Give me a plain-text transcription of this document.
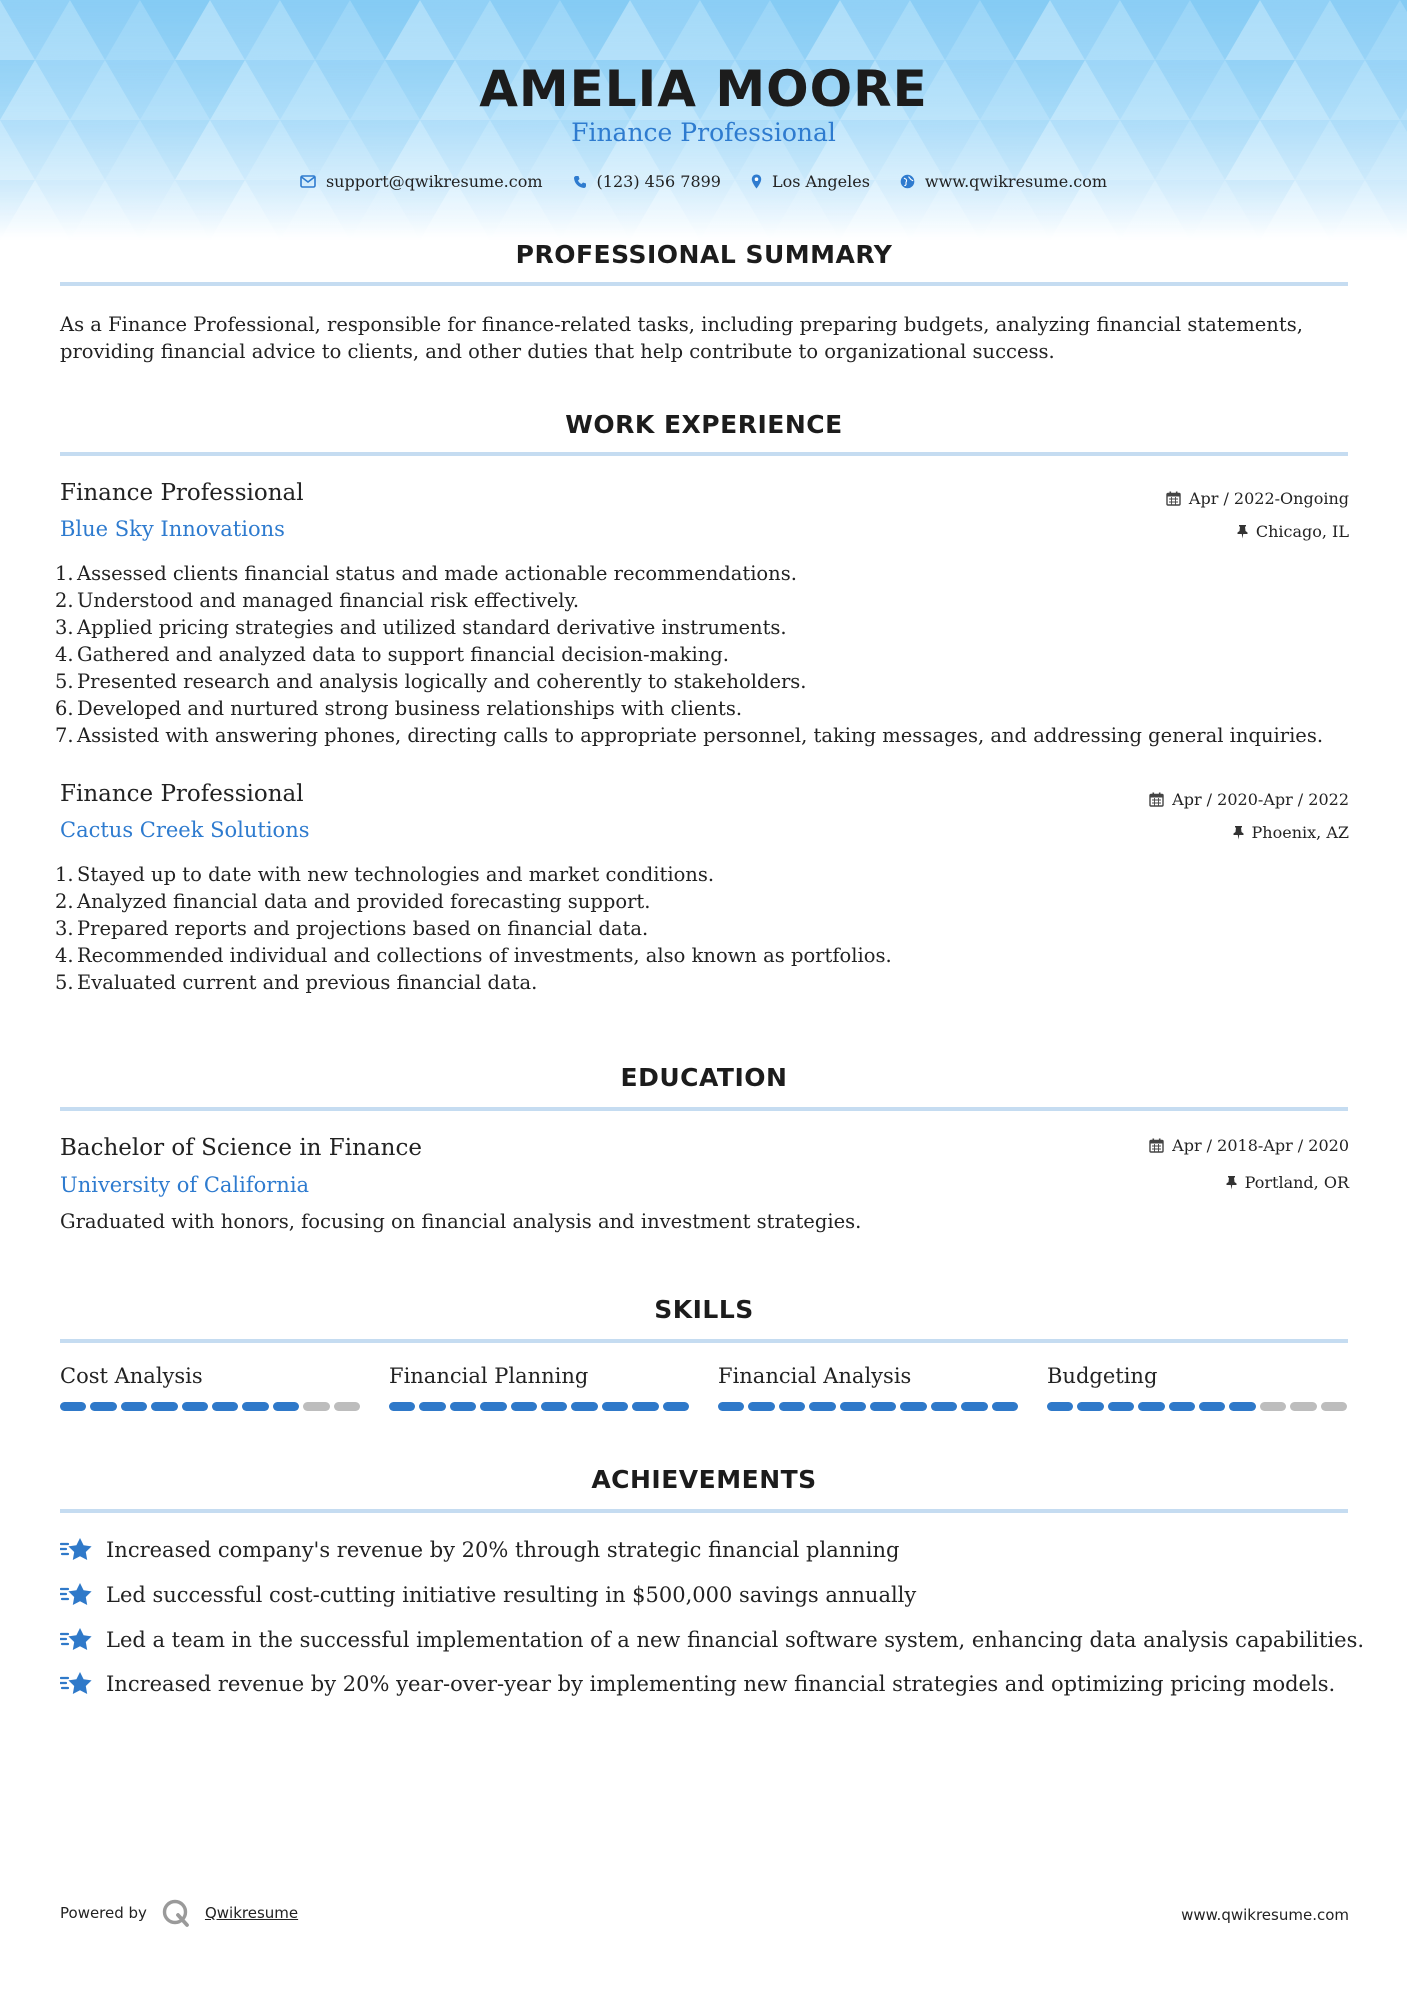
AMELIA MOORE
Finance Professional
support@qwikresume.com	(123) 456 7899	Los Angeles	www.qwikresume.com
PROFESSIONAL SUMMARY
As a Finance Professional, responsible for finance-related tasks, including preparing budgets, analyzing financial statements,
providing financial advice to clients, and other duties that help contribute to organizational success.
WORK EXPERIENCE
Finance Professional	Apr / 2022-Ongoing
Blue Sky Innovations	Chicago, IL
1. Assessed clients financial status and made actionable recommendations.
2. Understood and managed financial risk effectively.
3. Applied pricing strategies and utilized standard derivative instruments.
4. Gathered and analyzed data to support financial decision-making.
5. Presented research and analysis logically and coherently to stakeholders.
6. Developed and nurtured strong business relationships with clients.
7. Assisted with answering phones, directing calls to appropriate personnel, taking messages, and addressing general inquiries.
Finance Professional	Apr / 2020-Apr / 2022
Cactus Creek Solutions	Phoenix, AZ
1. Stayed up to date with new technologies and market conditions.
2. Analyzed financial data and provided forecasting support.
3. Prepared reports and projections based on financial data.
4. Recommended individual and collections of investments, also known as portfolios.
5. Evaluated current and previous financial data.
EDUCATION
Bachelor of Science in Finance	Apr / 2018-Apr / 2020
University of California	Portland, OR
Graduated with honors, focusing on financial analysis and investment strategies.
SKILLS
Cost Analysis	Financial Planning	Financial Analysis	Budgeting
ACHIEVEMENTS
Increased company's revenue by 20% through strategic financial planning
Led successful cost-cutting initiative resulting in $500,000 savings annually
Led a team in the successful implementation of a new financial software system, enhancing data analysis capabilities.
Increased revenue by 20% year-over-year by implementing new financial strategies and optimizing pricing models.
Powered by	Qwikresume	www.qwikresume.com
